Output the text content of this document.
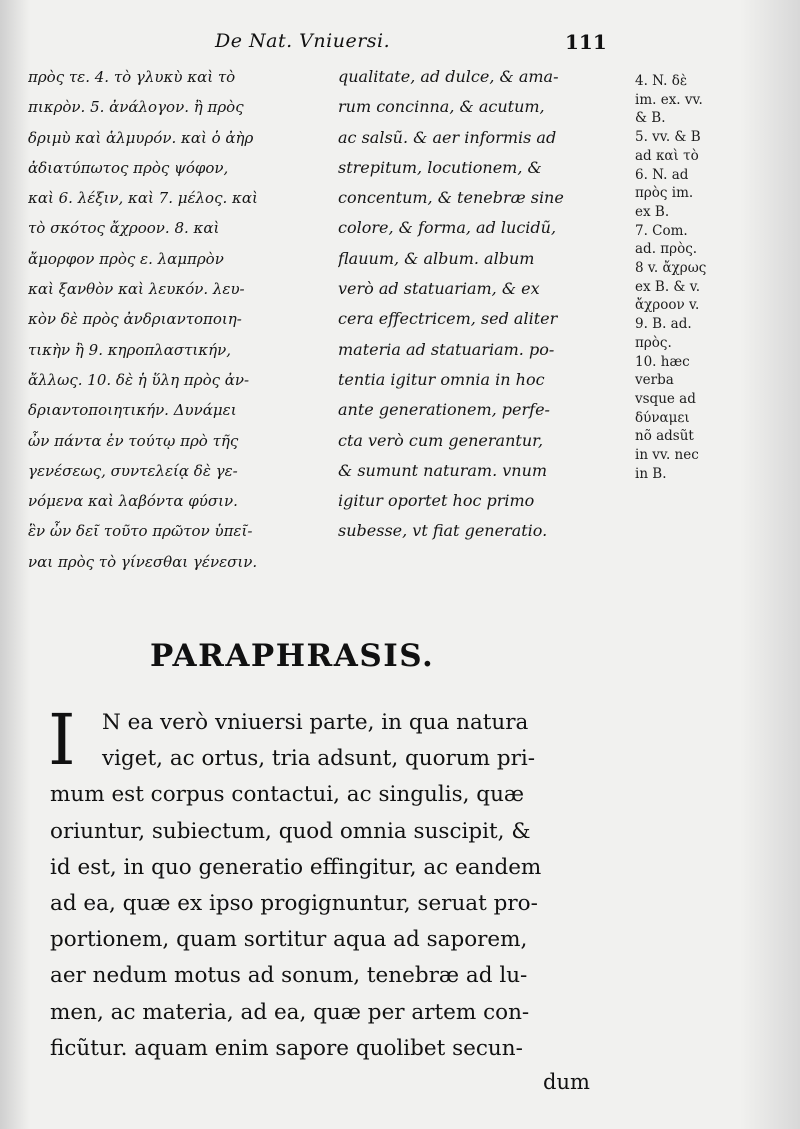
De Nat. Vniuersi.	111
πρὸς τε. 4. τὸ γλυκὺ καὶ τὸ
πικρὸν. 5. ἀνάλογον. ἢ πρὸς
δριμὺ καὶ ἁλμυρόν. καὶ ὁ ἀὴρ
ἀδιατύπωτος πρὸς ψόφον,
καὶ 6. λέξιν, καὶ 7. μέλος. καὶ
τὸ σκότος ἄχροον. 8. καὶ
ἄμορφον πρὸς ε. λαμπρὸν
καὶ ξανθὸν καὶ λευκόν. λευ-
κὸν δὲ πρὸς ἀνδριαντοποιη-
τικὴν ἢ 9. κηροπλαστικήν,
ἄλλως. 10. δὲ ἡ ὕλη πρὸς ἀν-
δριαντοποιητικήν. Δυνάμει
ὦν πάντα ἐν τούτῳ πρὸ τῆς
γενέσεως, συντελείᾳ δὲ γε-
νόμενα καὶ λαβόντα φύσιν.
ἓν ὦν δεῖ τοῦτο πρῶτον ὑπεῖ-
ναι πρὸς τὸ γίνεσθαι γένεσιν.
qualitate, ad dulce, & ama-
rum concinna, & acutum,
ac salsũ. & aer informis ad
strepitum, locutionem, &
concentum, & tenebræ sine
colore, & forma, ad lucidũ,
flauum, & album. album
verò ad statuariam, & ex
cera effectricem, sed aliter
materia ad statuariam. po-
tentia igitur omnia in hoc
ante generationem, perfe-
cta verò cum generantur,
& sumunt naturam. vnum
igitur oportet hoc primo
subesse, vt fiat generatio.
4. N. δὲ
im. ex. vv.
& B.
5. vv. & B
ad καὶ τὸ
6. N. ad
πρὸς im.
ex B.
7. Com.
ad. πρὸς.
8 v. ἄχρως
ex B. & v.
ἄχροον v.
9. B. ad.
πρὸς.
10. hæc
verba
vsque ad
δύναμει
nõ adsũt
in vv. nec
in B.
PARAPHRASIS.
I	N ea verò vniuersi parte, in qua natura
viget, ac ortus, tria adsunt, quorum pri-
mum est corpus contactui, ac singulis, quæ
oriuntur, subiectum, quod omnia suscipit, &
id est, in quo generatio effingitur, ac eandem
ad ea, quæ ex ipso progignuntur, seruat pro-
portionem, quam sortitur aqua ad saporem,
aer nedum motus ad sonum, tenebræ ad lu-
men, ac materia, ad ea, quæ per artem con-
ficũtur. aquam enim sapore quolibet secun-
dum
